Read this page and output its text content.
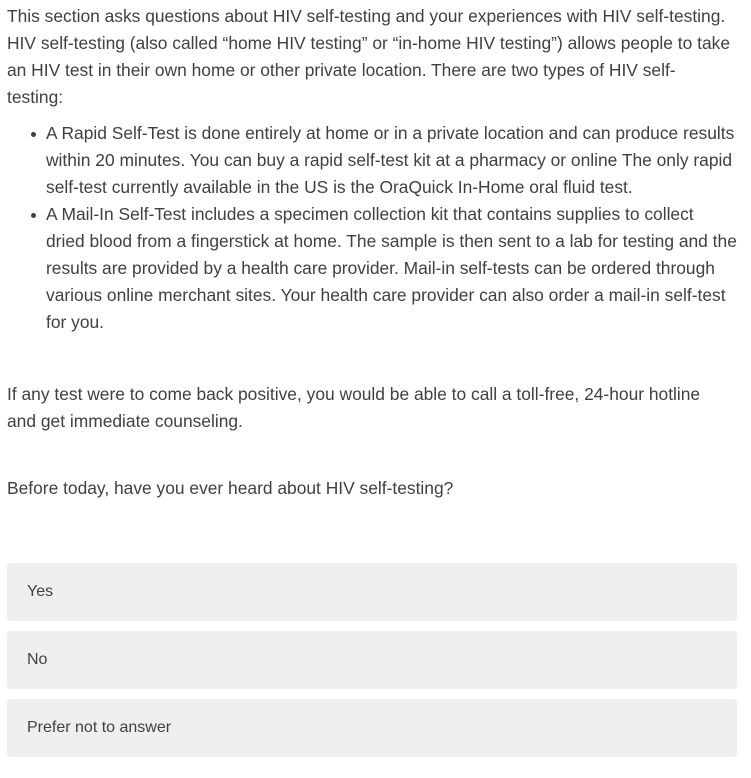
This section asks questions about HIV self-testing and your experiences with HIV self-testing. HIV self-testing (also called “home HIV testing” or “in-home HIV testing”) allows people to take an HIV test in their own home or other private location. There are two types of HIV self-testing:

A Rapid Self-Test is done entirely at home or in a private location and can produce results within 20 minutes. You can buy a rapid self-test kit at a pharmacy or online The only rapid self-test currently available in the US is the OraQuick In-Home oral fluid test.
A Mail-In Self-Test includes a specimen collection kit that contains supplies to collect dried blood from a fingerstick at home. The sample is then sent to a lab for testing and the results are provided by a health care provider. Mail-in self-tests can be ordered through various online merchant sites. Your health care provider can also order a mail-in self-test for you.

If any test were to come back positive, you would be able to call a toll-free, 24-hour hotline and get immediate counseling.

Before today, have you ever heard about HIV self-testing?

Yes
No
Prefer not to answer
